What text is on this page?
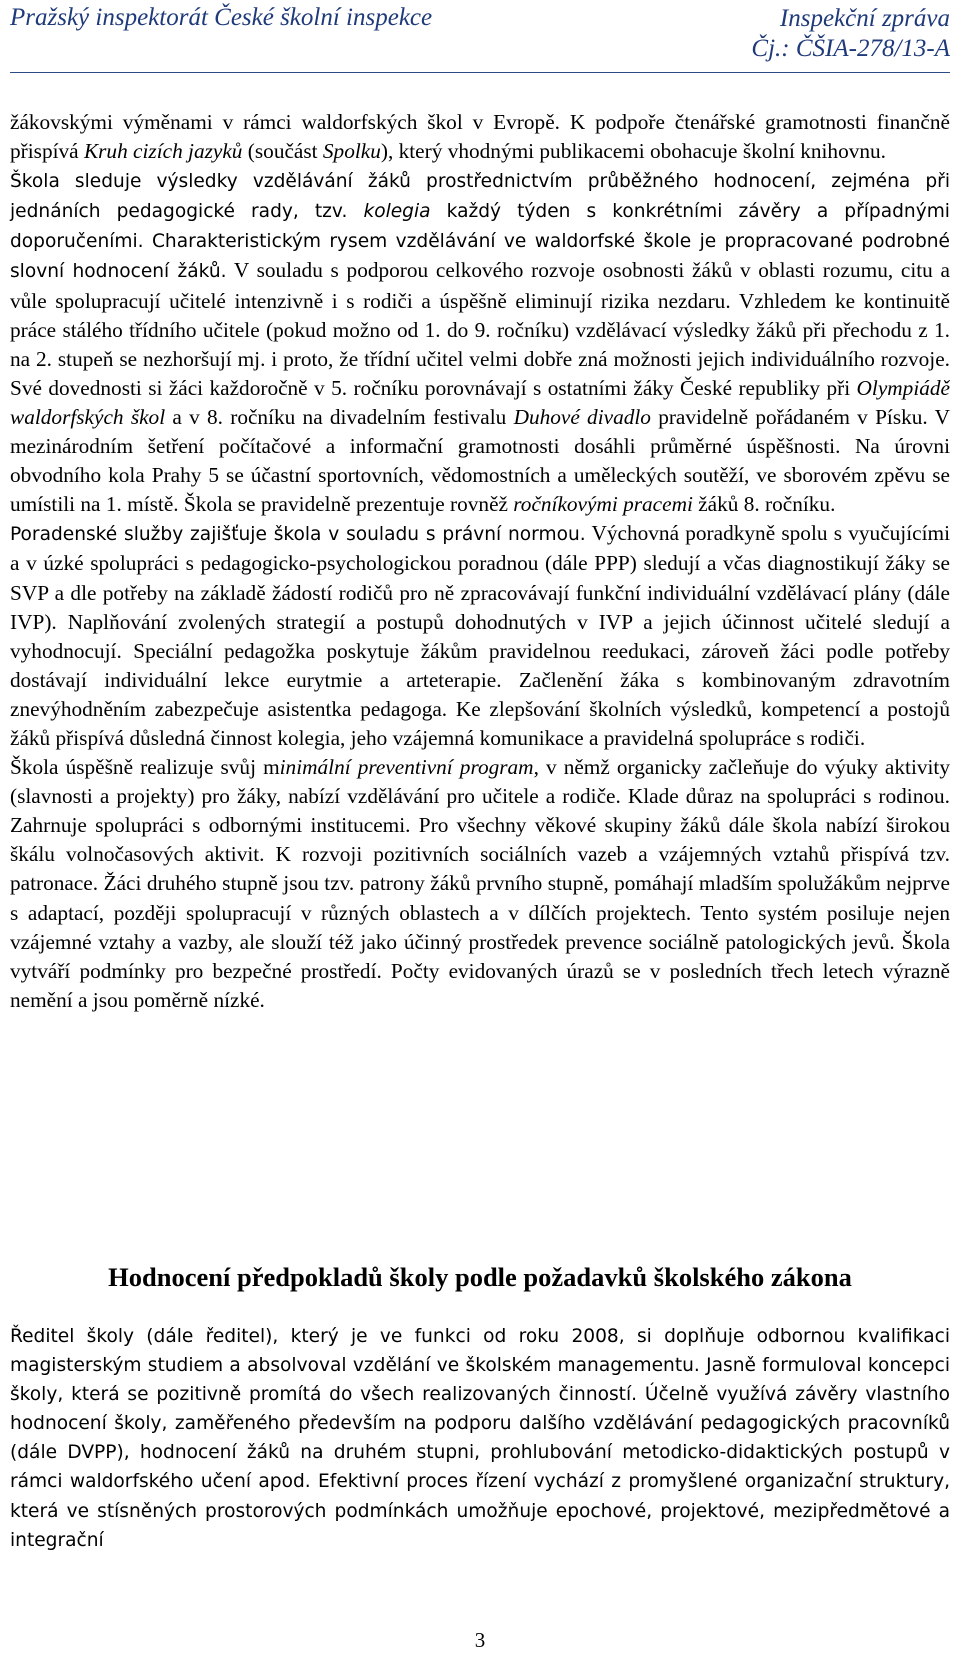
Pražský inspektorát České školní inspekce	Inspekční zpráva
Čj.: ČŠIA-278/13-A

žákovskými výměnami v rámci waldorfských škol v Evropě. K podpoře čtenářské gramotnosti finančně přispívá Kruh cizích jazyků (součást Spolku), který vhodnými publikacemi obohacuje školní knihovnu.

Škola sleduje výsledky vzdělávání žáků prostřednictvím průběžného hodnocení, zejména při jednáních pedagogické rady, tzv. kolegia každý týden s konkrétními závěry a případnými doporučeními. Charakteristickým rysem vzdělávání ve waldorfské škole je propracované podrobné slovní hodnocení žáků. V souladu s podporou celkového rozvoje osobnosti žáků v oblasti rozumu, citu a vůle spolupracují učitelé intenzivně i s rodiči a úspěšně eliminují rizika nezdaru. Vzhledem ke kontinuitě práce stálého třídního učitele (pokud možno od 1. do 9. ročníku) vzdělávací výsledky žáků při přechodu z 1. na 2. stupeň se nezhoršují mj. i proto, že třídní učitel velmi dobře zná možnosti jejich individuálního rozvoje. Své dovednosti si žáci každoročně v 5. ročníku porovnávají s ostatními žáky České republiky při Olympiádě waldorfských škol a v 8. ročníku na divadelním festivalu Duhové divadlo pravidelně pořádaném v Písku. V mezinárodním šetření počítačové a informační gramotnosti dosáhli průměrné úspěšnosti. Na úrovni obvodního kola Prahy 5 se účastní sportovních, vědomostních a uměleckých soutěží, ve sborovém zpěvu se umístili na 1. místě. Škola se pravidelně prezentuje rovněž ročníkovými pracemi žáků 8. ročníku.

Poradenské služby zajišťuje škola v souladu s právní normou. Výchovná poradkyně spolu s vyučujícími a v úzké spolupráci s pedagogicko-psychologickou poradnou (dále PPP) sledují a včas diagnostikují žáky se SVP a dle potřeby na základě žádostí rodičů pro ně zpracovávají funkční individuální vzdělávací plány (dále IVP). Naplňování zvolených strategií a postupů dohodnutých v IVP a jejich účinnost učitelé sledují a vyhodnocují. Speciální pedagožka poskytuje žákům pravidelnou reedukaci, zároveň žáci podle potřeby dostávají individuální lekce eurytmie a arteterapie. Začlenění žáka s kombinovaným zdravotním znevýhodněním zabezpečuje asistentka pedagoga. Ke zlepšování školních výsledků, kompetencí a postojů žáků přispívá důsledná činnost kolegia, jeho vzájemná komunikace a pravidelná spolupráce s rodiči.

Škola úspěšně realizuje svůj minimální preventivní program, v němž organicky začleňuje do výuky aktivity (slavnosti a projekty) pro žáky, nabízí vzdělávání pro učitele a rodiče. Klade důraz na spolupráci s rodinou. Zahrnuje spolupráci s odbornými institucemi. Pro všechny věkové skupiny žáků dále škola nabízí širokou škálu volnočasových aktivit. K rozvoji pozitivních sociálních vazeb a vzájemných vztahů přispívá tzv. patronace. Žáci druhého stupně jsou tzv. patrony žáků prvního stupně, pomáhají mladším spolužákům nejprve s adaptací, později spolupracují v různých oblastech a v dílčích projektech. Tento systém posiluje nejen vzájemné vztahy a vazby, ale slouží též jako účinný prostředek prevence sociálně patologických jevů. Škola vytváří podmínky pro bezpečné prostředí. Počty evidovaných úrazů se v posledních třech letech výrazně nemění a jsou poměrně nízké.

Hodnocení předpokladů školy podle požadavků školského zákona

Ředitel školy (dále ředitel), který je ve funkci od roku 2008, si doplňuje odbornou kvalifikaci magisterským studiem a absolvoval vzdělání ve školském managementu. Jasně formuloval koncepci školy, která se pozitivně promítá do všech realizovaných činností. Účelně využívá závěry vlastního hodnocení školy, zaměřeného především na podporu dalšího vzdělávání pedagogických pracovníků (dále DVPP), hodnocení žáků na druhém stupni, prohlubování metodicko-didaktických postupů v rámci waldorfského učení apod. Efektivní proces řízení vychází z promyšlené organizační struktury, která ve stísněných prostorových podmínkách umožňuje epochové, projektové, mezipředmětové a integrační

3
